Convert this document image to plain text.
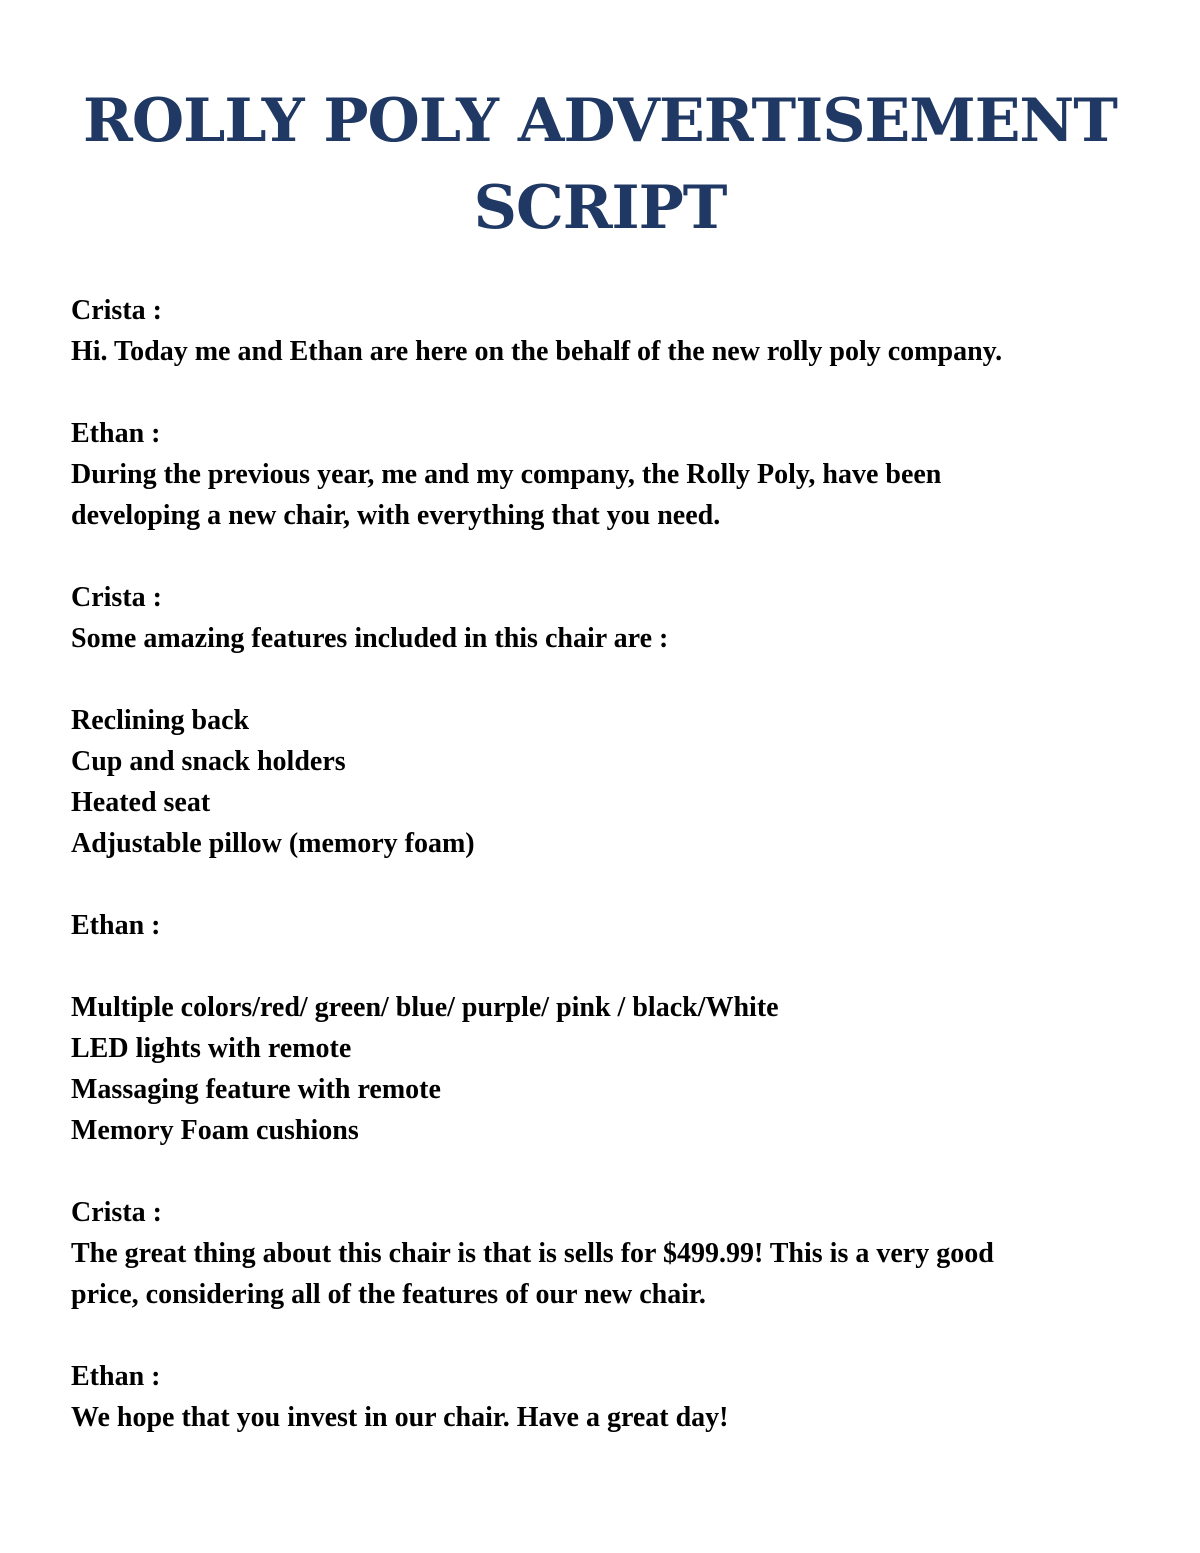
ROLLY POLY ADVERTISEMENT
SCRIPT
Crista :
Hi. Today me and Ethan are here on the behalf of the new rolly poly company.
Ethan :
During the previous year, me and my company, the Rolly Poly, have been
developing a new chair, with everything that you need.
Crista :
Some amazing features included in this chair are :
Reclining back
Cup and snack holders
Heated seat
Adjustable pillow (memory foam)
Ethan :
Multiple colors/red/ green/ blue/ purple/ pink / black/White
LED lights with remote
Massaging feature with remote
Memory Foam cushions
Crista :
The great thing about this chair is that is sells for $499.99! This is a very good
price, considering all of the features of our new chair.
Ethan :
We hope that you invest in our chair. Have a great day!
